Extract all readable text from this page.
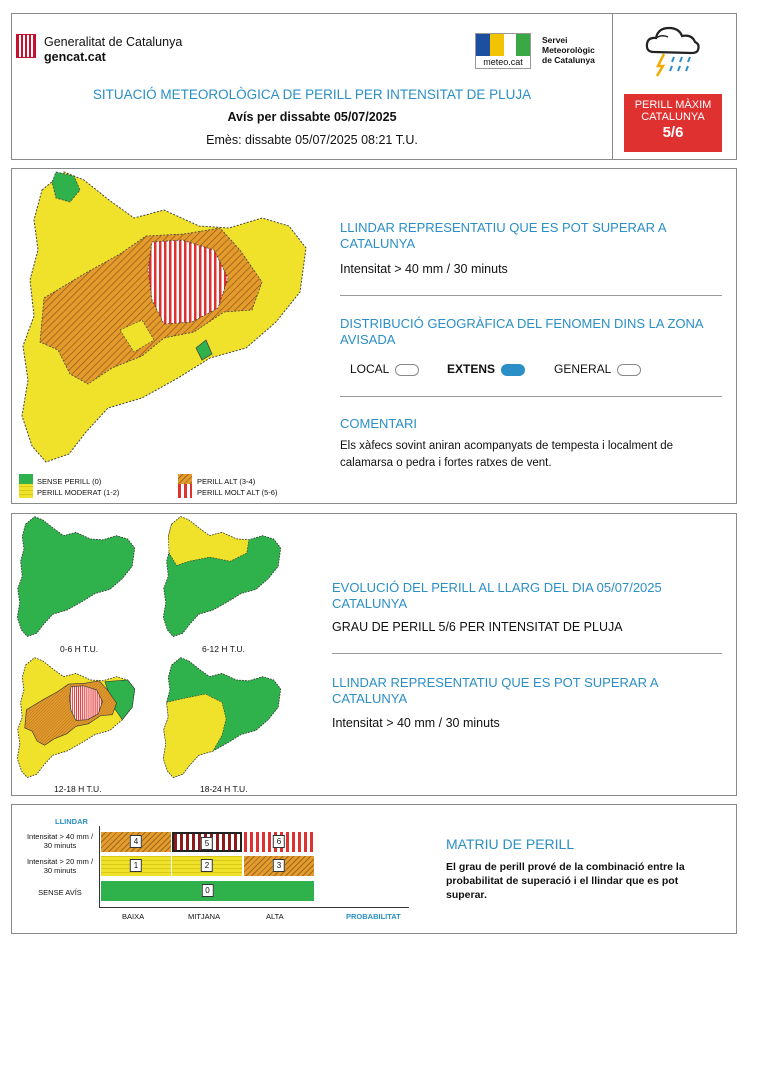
Generalitat de Catalunya
gencat.cat	meteo.cat
Servei
Meteorològic
de Catalunya
SITUACIÓ METEOROLÒGICA DE PERILL PER INTENSITAT DE PLUJA
Avís per dissabte 05/07/2025
Emès: dissabte 05/07/2025 08:21 T.U.
PERILL MÀXIM
CATALUNYA
5/6
SENSE PERILL (0)
PERILL MODERAT (1-2)
PERILL ALT (3-4)
PERILL MOLT ALT (5-6)
LLINDAR REPRESENTATIU QUE ES POT SUPERAR A CATALUNYA
Intensitat > 40 mm / 30 minuts
DISTRIBUCIÓ GEOGRÀFICA DEL FENOMEN DINS LA ZONA AVISADA
LOCAL	EXTENS	GENERAL
COMENTARI
Els xàfecs sovint aniran acompanyats de tempesta i localment de calamarsa o pedra i fortes ratxes de vent.
0-6 H T.U.	6-12 H T.U.
12-18 H T.U.	18-24 H T.U.
EVOLUCIÓ DEL PERILL AL LLARG DEL DIA 05/07/2025 CATALUNYA
GRAU DE PERILL 5/6 PER INTENSITAT DE PLUJA
LLINDAR REPRESENTATIU QUE ES POT SUPERAR A CATALUNYA
Intensitat > 40 mm / 30 minuts
LLINDAR
Intensitat > 40 mm / 30 minuts
Intensitat > 20 mm / 30 minuts
SENSE AVÍS
4	5	6
1	2	3
0
BAIXA	MITJANA	ALTA	PROBABILITAT
MATRIU DE PERILL
El grau de perill prové de la combinació entre la probabilitat de superació i el llindar que es pot superar.
